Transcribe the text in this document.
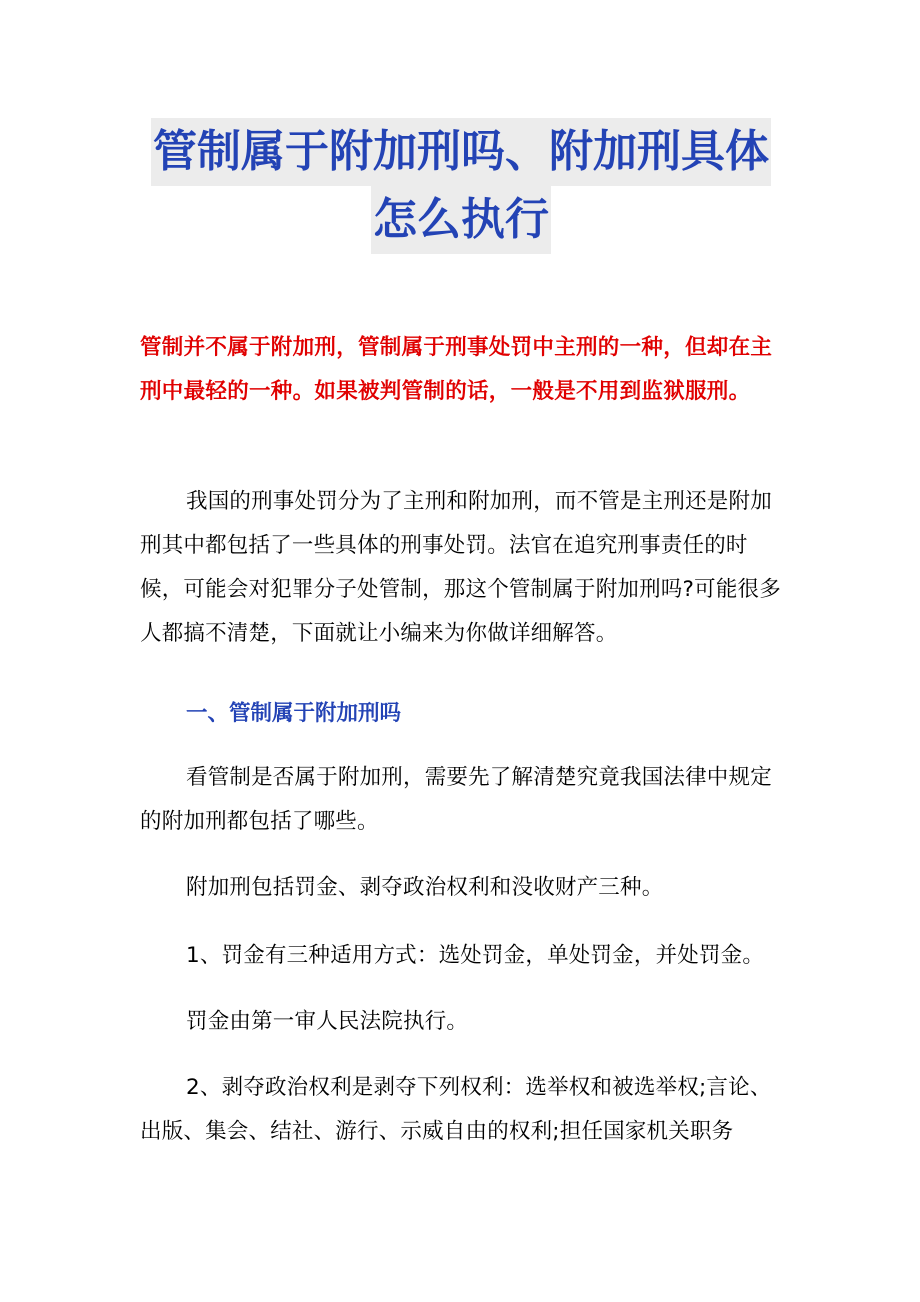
管制属于附加刑吗、附加刑具体
怎么执行
管制并不属于附加刑，管制属于刑事处罚中主刑的一种，但却在主刑中最轻的一种。如果被判管制的话，一般是不用到监狱服刑。
我国的刑事处罚分为了主刑和附加刑，而不管是主刑还是附加刑其中都包括了一些具体的刑事处罚。法官在追究刑事责任的时候，可能会对犯罪分子处管制，那这个管制属于附加刑吗?可能很多人都搞不清楚，下面就让小编来为你做详细解答。
一、管制属于附加刑吗
看管制是否属于附加刑，需要先了解清楚究竟我国法律中规定的附加刑都包括了哪些。
附加刑包括罚金、剥夺政治权利和没收财产三种。
1、罚金有三种适用方式：选处罚金，单处罚金，并处罚金。
罚金由第一审人民法院执行。
2、剥夺政治权利是剥夺下列权利：选举权和被选举权;言论、出版、集会、结社、游行、示威自由的权利;担任国家机关职务
